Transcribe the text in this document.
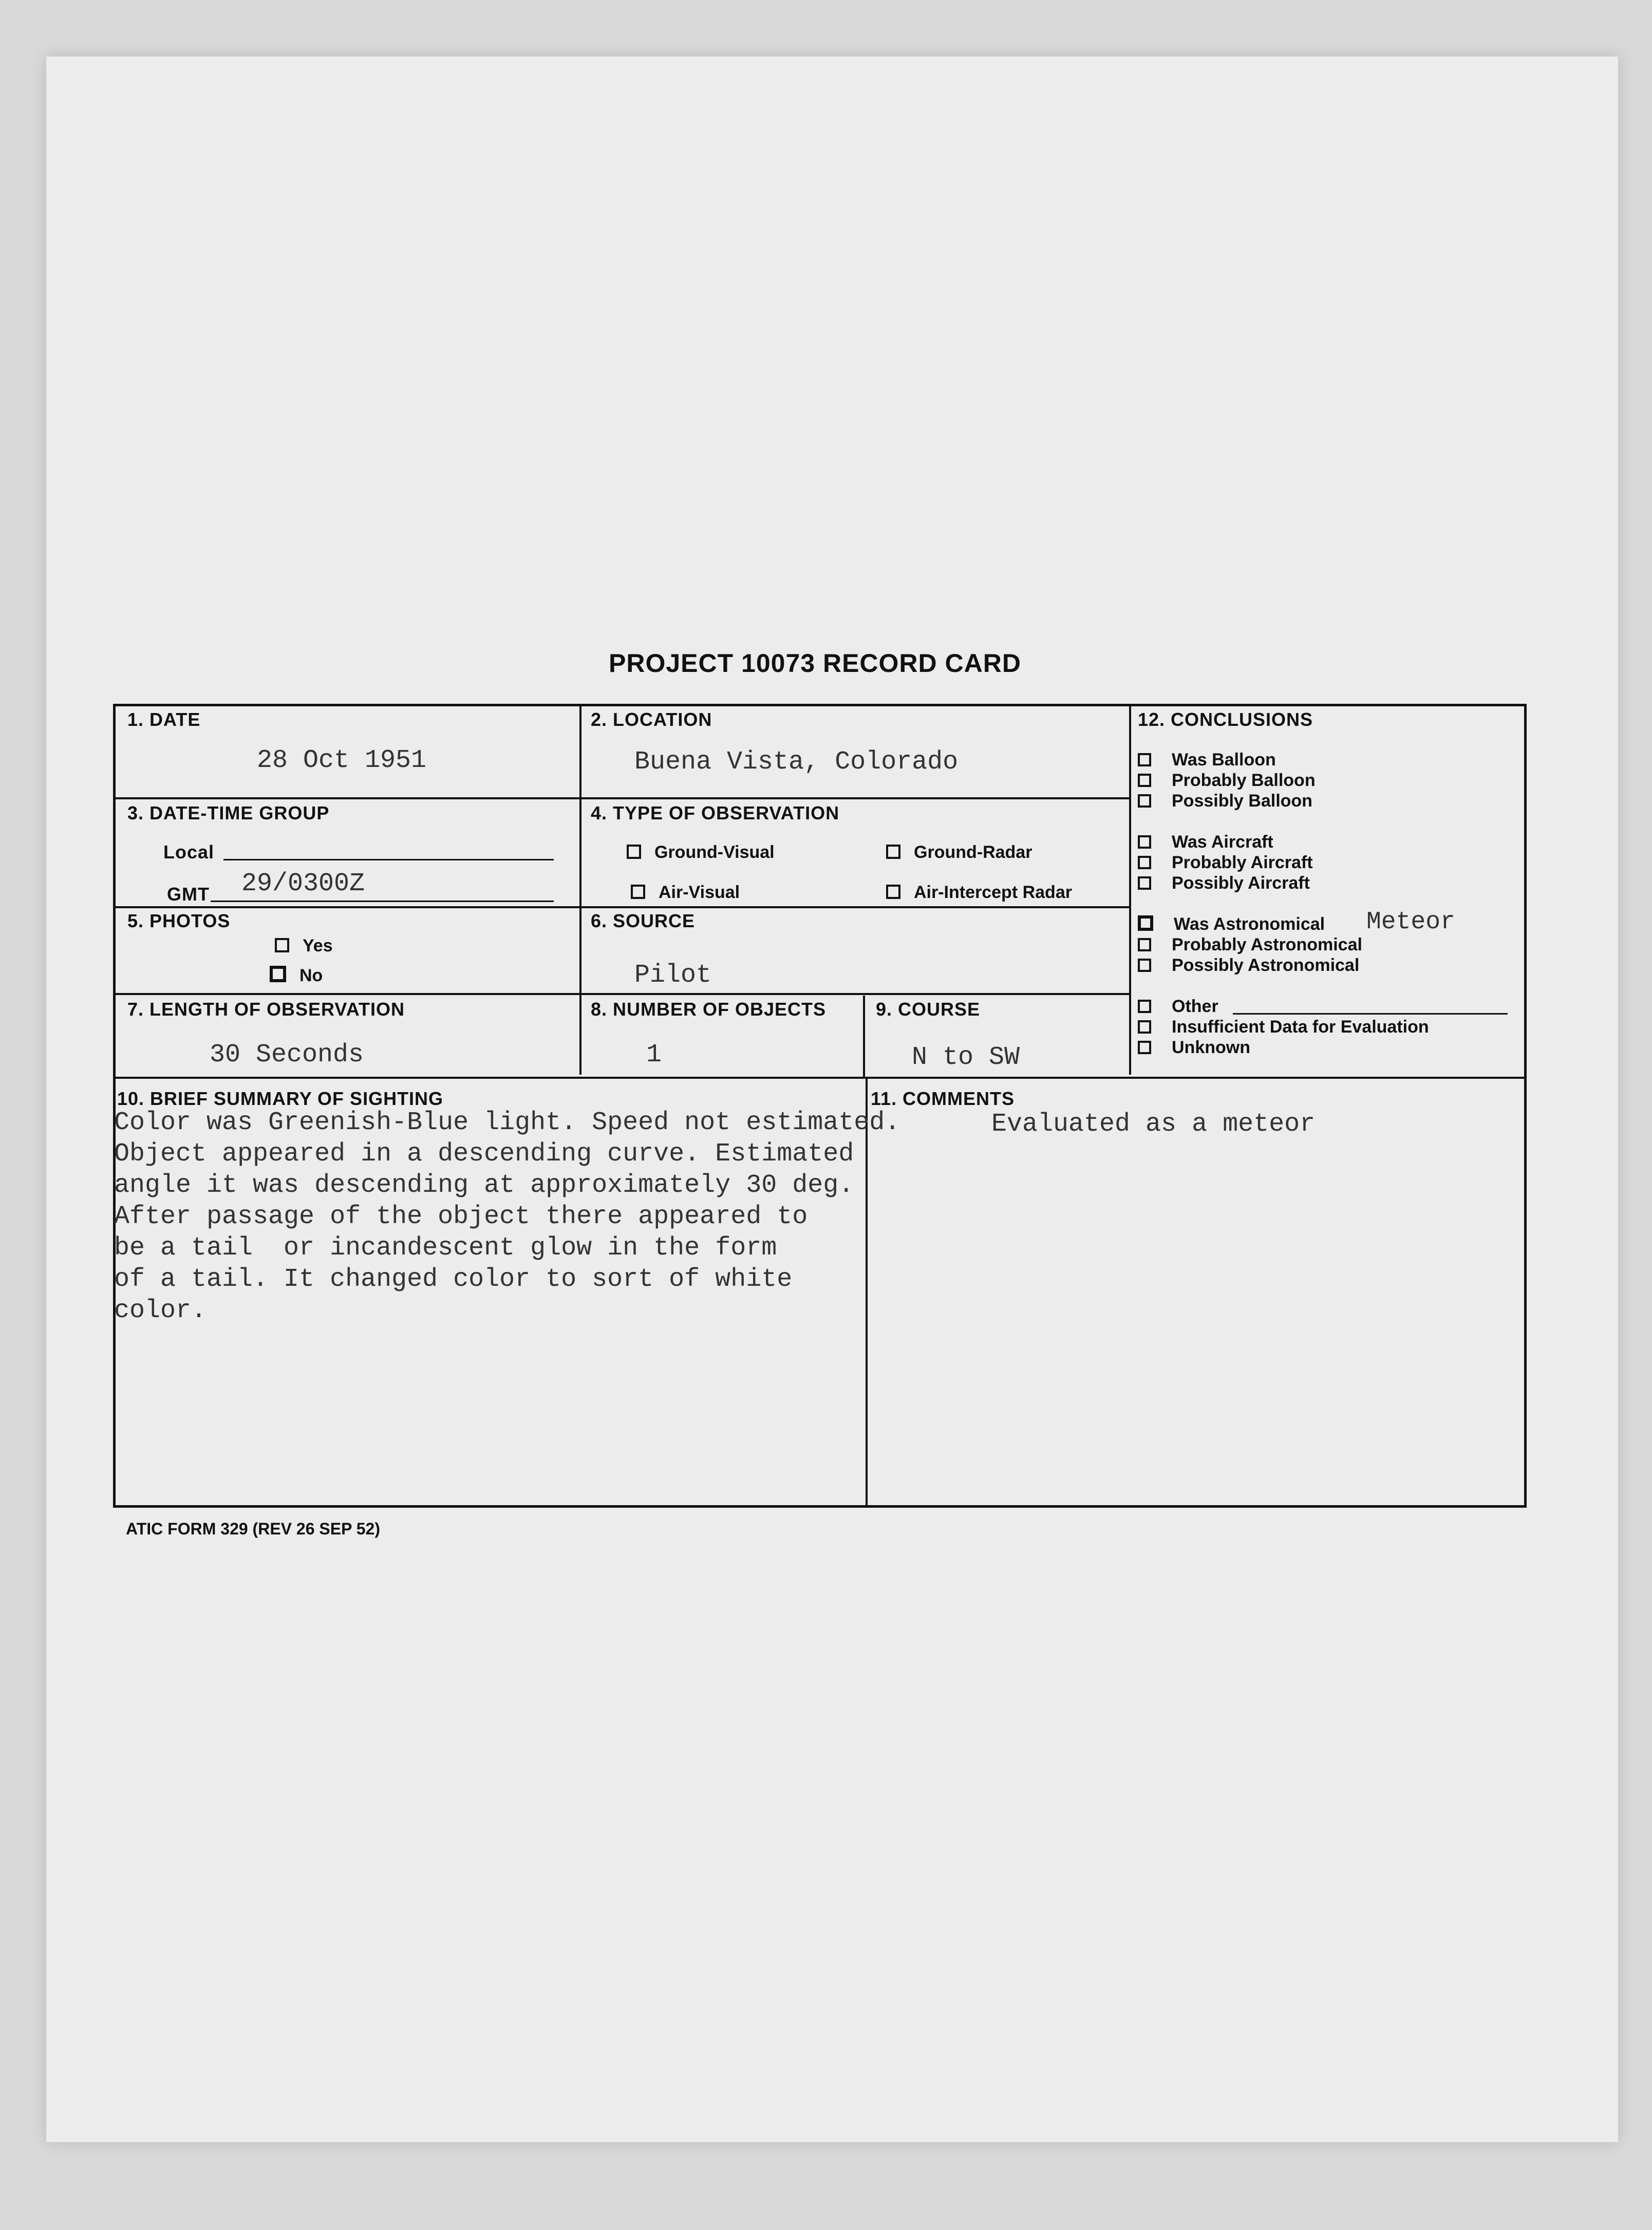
PROJECT 10073 RECORD CARD
1. DATE
28 Oct 1951
2. LOCATION
Buena Vista, Colorado
3. DATE-TIME GROUP
Local
GMT 29/0300Z
4. TYPE OF OBSERVATION
Ground-Visual	Ground-Radar
Air-Visual	Air-Intercept Radar
5. PHOTOS
Yes
No
6. SOURCE
Pilot
7. LENGTH OF OBSERVATION
30 Seconds
8. NUMBER OF OBJECTS
1
9. COURSE
N to SW
12. CONCLUSIONS
Was Balloon
Probably Balloon
Possibly Balloon
Was Aircraft
Probably Aircraft
Possibly Aircraft
Was Astronomical Meteor
Probably Astronomical
Possibly Astronomical
Other
Insufficient Data for Evaluation
Unknown
10. BRIEF SUMMARY OF SIGHTING
Color was Greenish-Blue light. Speed not estimated.
Object appeared in a descending curve. Estimated
angle it was descending at approximately 30 deg.
After passage of the object there appeared to
be a tail  or incandescent glow in the form
of a tail. It changed color to sort of white
color.
11. COMMENTS
Evaluated as a meteor
ATIC FORM 329 (REV 26 SEP 52)
